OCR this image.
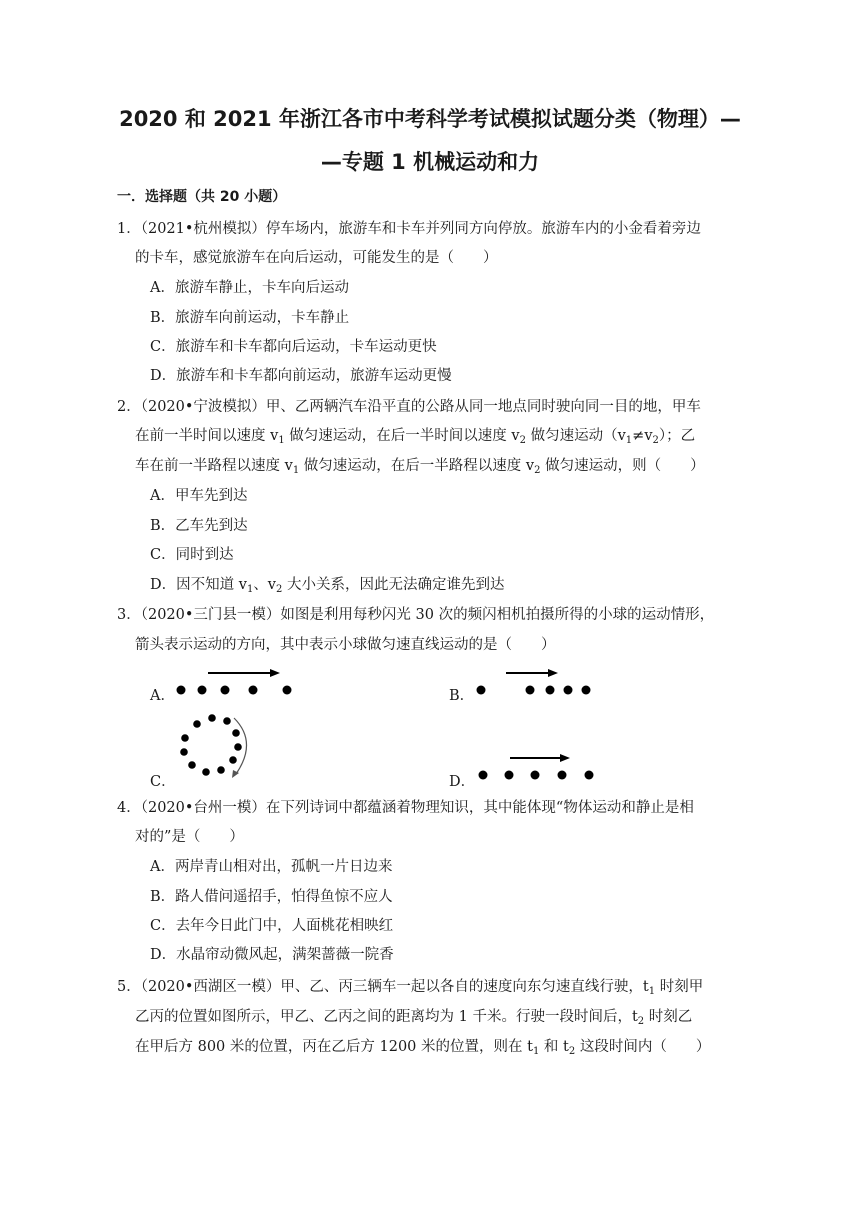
2020 和 2021 年浙江各市中考科学考试模拟试题分类（物理）—
—专题 1 机械运动和力
一．选择题（共 20 小题）
1．（2021•杭州模拟）停车场内，旅游车和卡车并列同方向停放。旅游车内的小金看着旁边
的卡车，感觉旅游车在向后运动，可能发生的是（　　）
A．旅游车静止，卡车向后运动
B．旅游车向前运动，卡车静止
C．旅游车和卡车都向后运动，卡车运动更快
D．旅游车和卡车都向前运动，旅游车运动更慢
2．（2020•宁波模拟）甲、乙两辆汽车沿平直的公路从同一地点同时驶向同一目的地，甲车
在前一半时间以速度 $v_1$ 做匀速运动，在后一半时间以速度 $v_2$ 做匀速运动$(v_1\ne v_2)$；乙
车在前一半路程以速度 $v_1$ 做匀速运动，在后一半路程以速度 $v_2$ 做匀速运动，则（　　）
A．甲车先到达
B．乙车先到达
C．同时到达
D．因不知道 $v_1$、$v_2$ 大小关系，因此无法确定谁先到达
3．（2020•三门县一模）如图是利用每秒闪光 30 次的频闪相机拍摄所得的小球的运动情形，
箭头表示运动的方向，其中表示小球做匀速直线运动的是（　　）
A．	B．
C．	D．
4．（2020•台州一模）在下列诗词中都蕴涵着物理知识，其中能体现“物体运动和静止是相
对的”是（　　）
A．两岸青山相对出，孤帆一片日边来
B．路人借问遥招手，怕得鱼惊不应人
C．去年今日此门中，人面桃花相映红
D．水晶帘动微风起，满架蔷薇一院香
5．（2020•西湖区一模）甲、乙、丙三辆车一起以各自的速度向东匀速直线行驶，$t_1$ 时刻甲
乙丙的位置如图所示，甲乙、乙丙之间的距离均为 1 千米。行驶一段时间后，$t_2$ 时刻乙
在甲后方 800 米的位置，丙在乙后方 1200 米的位置，则在 $t_1$ 和 $t_2$ 这段时间内（　　）
